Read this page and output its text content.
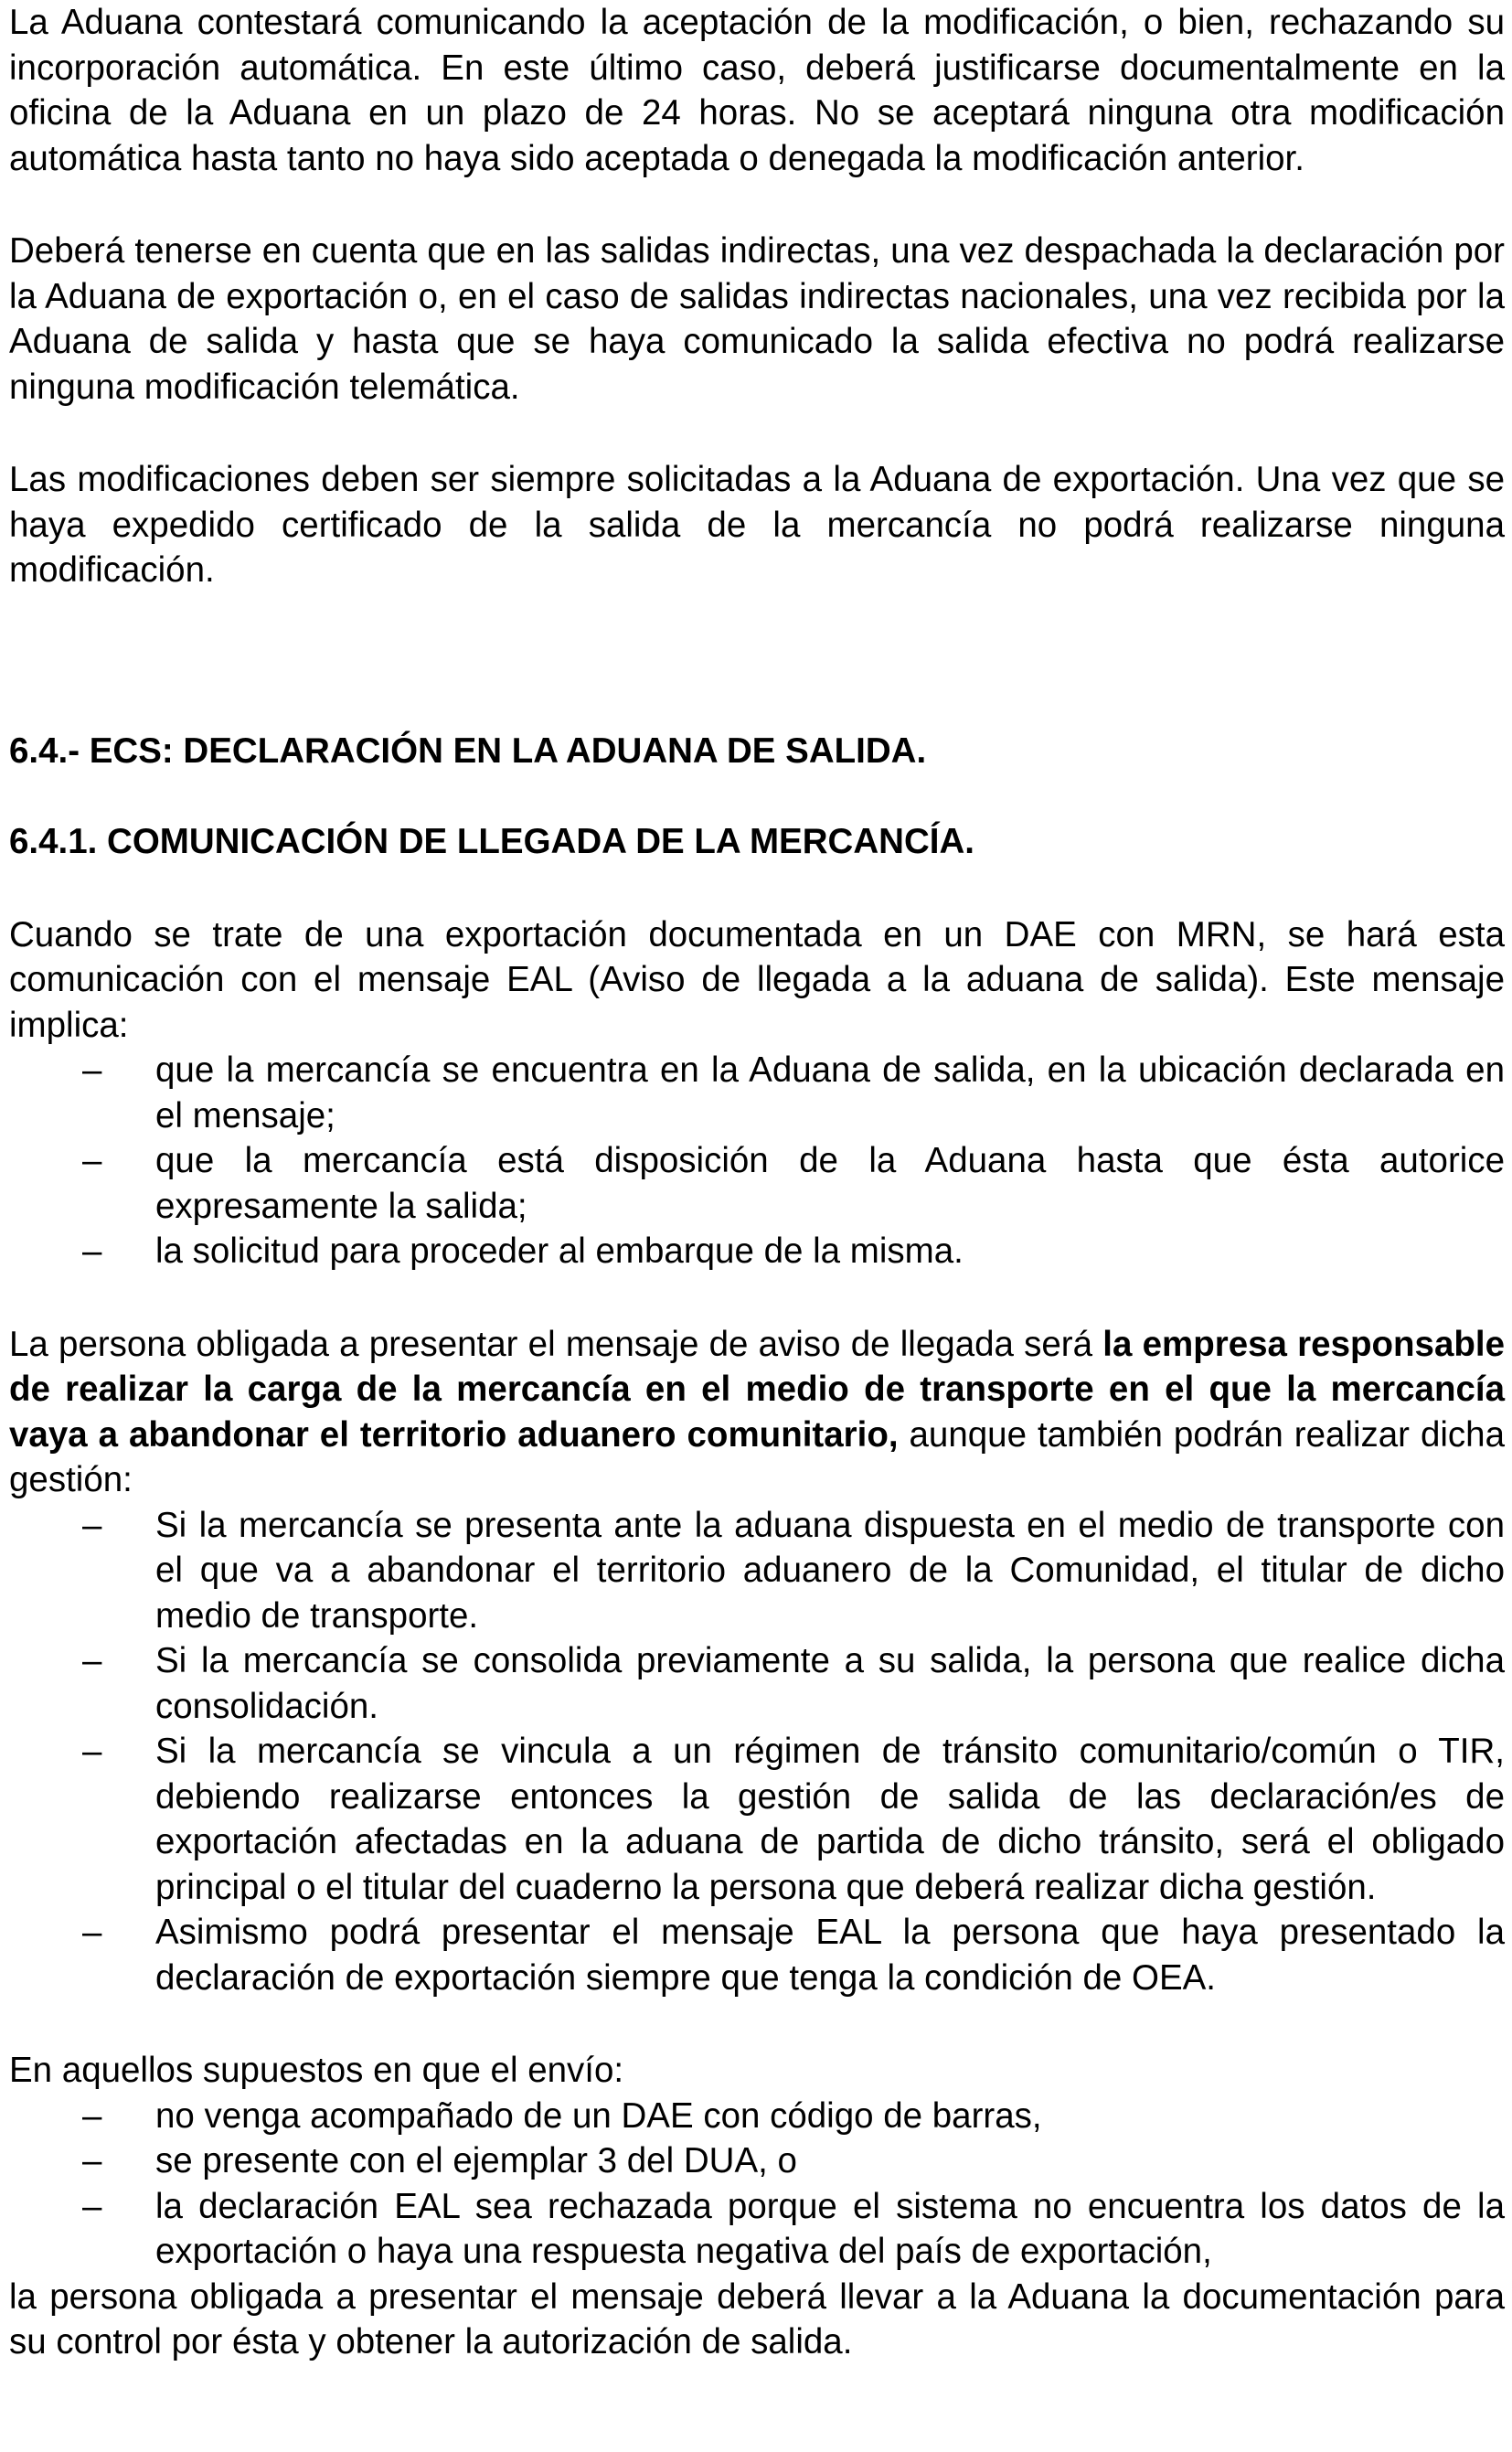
La Aduana contestará comunicando la aceptación de la modificación, o bien, rechazando su incorporación automática. En este último caso, deberá justificarse documentalmente en la oficina de la Aduana en un plazo de 24 horas. No se aceptará ninguna otra modificación automática hasta tanto no haya sido aceptada o denegada la modificación anterior.

Deberá tenerse en cuenta que en las salidas indirectas, una vez despachada la declaración por la Aduana de exportación o, en el caso de salidas indirectas nacionales, una vez recibida por la Aduana de salida y hasta que se haya comunicado la salida efectiva no podrá realizarse ninguna modificación telemática.

Las modificaciones deben ser siempre solicitadas a la Aduana de exportación. Una vez que se haya expedido certificado de la salida de la mercancía no podrá realizarse ninguna modificación.

6.4.- ECS: DECLARACIÓN EN LA ADUANA DE SALIDA.
6.4.1. COMUNICACIÓN DE LLEGADA DE LA MERCANCÍA.

Cuando se trate de una exportación documentada en un DAE con MRN, se hará esta comunicación con el mensaje EAL (Aviso de llegada a la aduana de salida). Este mensaje implica:

–	que la mercancía se encuentra en la Aduana de salida, en la ubicación declarada en el mensaje;
–	que la mercancía está disposición de la Aduana hasta que ésta autorice expresamente la salida;
–	la solicitud para proceder al embarque de la misma.

La persona obligada a presentar el mensaje de aviso de llegada será la empresa responsable de realizar la carga de la mercancía en el medio de transporte en el que la mercancía vaya a abandonar el territorio aduanero comunitario, aunque también podrán realizar dicha gestión:

–	Si la mercancía se presenta ante la aduana dispuesta en el medio de transporte con el que va a abandonar el territorio aduanero de la Comunidad, el titular de dicho medio de transporte.
–	Si la mercancía se consolida previamente a su salida, la persona que realice dicha consolidación.
–	Si la mercancía se vincula a un régimen de tránsito comunitario/común o TIR, debiendo realizarse entonces la gestión de salida de las declaración/es de exportación afectadas en la aduana de partida de dicho tránsito, será el obligado principal o el titular del cuaderno la persona que deberá realizar dicha gestión.
–	Asimismo podrá presentar el mensaje EAL la persona que haya presentado la declaración de exportación siempre que tenga la condición de OEA.

En aquellos supuestos en que el envío:

–	no venga acompañado de un DAE con código de barras,
–	se presente con el ejemplar 3 del DUA, o
–	la declaración EAL sea rechazada porque el sistema no encuentra los datos de la exportación o haya una respuesta negativa del país de exportación,

la persona obligada a presentar el mensaje deberá llevar a la Aduana la documentación para su control por ésta y obtener la autorización de salida.
